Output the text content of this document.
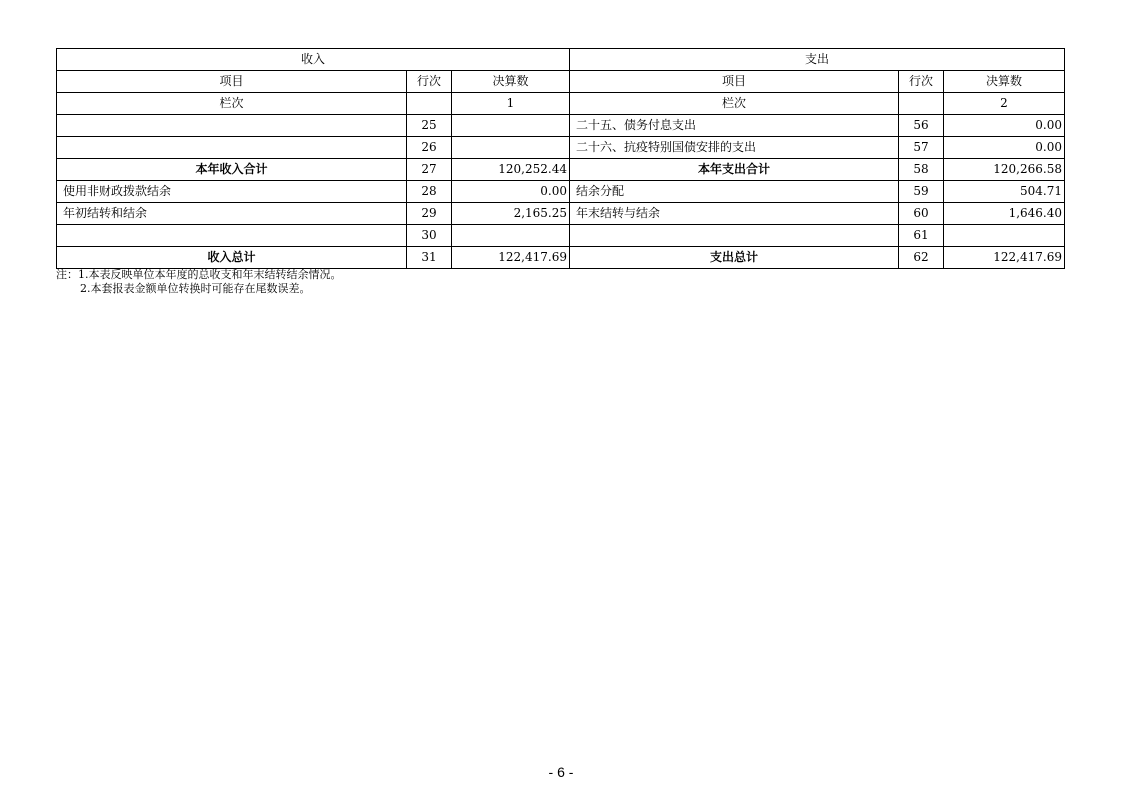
收入			支出		
项目	行次	决算数	项目	行次	决算数
栏次		1	栏次		2
	25		二十五、债务付息支出	56	0.00
	26		二十六、抗疫特别国债安排的支出	57	0.00
本年收入合计	27	120,252.44	本年支出合计	58	120,266.58
使用非财政拨款结余	28	0.00	结余分配	59	504.71
年初结转和结余	29	2,165.25	年末结转与结余	60	1,646.40
	30			61	
收入总计	31	122,417.69	支出总计	62	122,417.69
注：1.本表反映单位本年度的总收支和年末结转结余情况。
2.本套报表金额单位转换时可能存在尾数误差。
- 6 -
